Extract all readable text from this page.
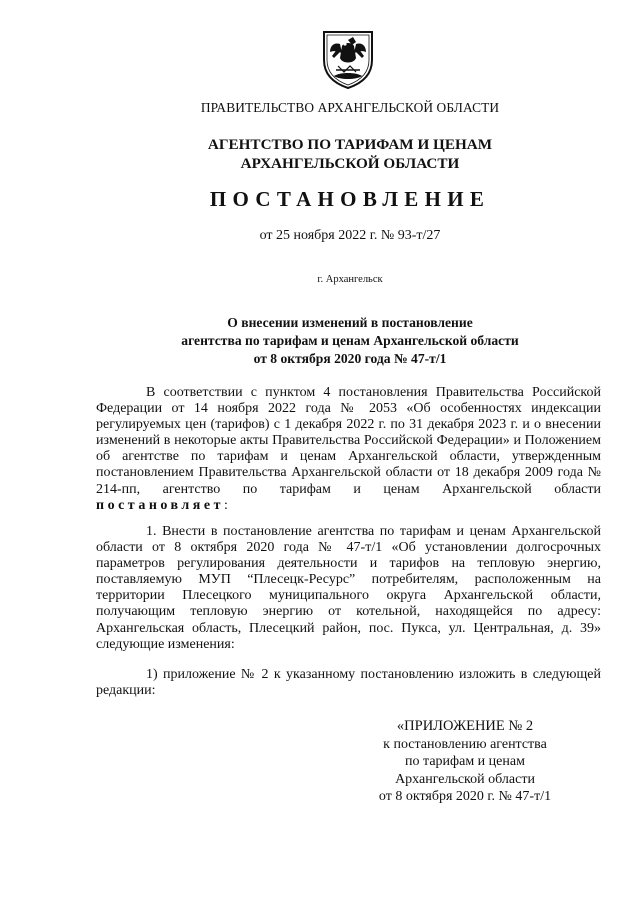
ПРАВИТЕЛЬСТВО АРХАНГЕЛЬСКОЙ ОБЛАСТИ
АГЕНТСТВО ПО ТАРИФАМ И ЦЕНАМ
АРХАНГЕЛЬСКОЙ ОБЛАСТИ
ПОСТАНОВЛЕНИЕ
от 25 ноября 2022 г. № 93-т/27
г. Архангельск
О внесении изменений в постановление
агентства по тарифам и ценам Архангельской области
от 8 октября 2020 года № 47-т/1
В соответствии с пунктом 4 постановления Правительства Российской Федерации от 14 ноября 2022 года № 2053 «Об особенностях индексации регулируемых цен (тарифов) с 1 декабря 2022 г. по 31 декабря 2023 г. и о внесении изменений в некоторые акты Правительства Российской Федерации» и Положением об агентстве по тарифам и ценам Архангельской области, утвержденным постановлением Правительства Архангельской области от 18 декабря 2009 года № 214-пп, агентство по тарифам и ценам Архангельской области постановляет:
1. Внести в постановление агентства по тарифам и ценам Архангельской области от 8 октября 2020 года № 47-т/1 «Об установлении долгосрочных параметров регулирования деятельности и тарифов на тепловую энергию, поставляемую МУП “Плесецк-Ресурс” потребителям, расположенным на территории Плесецкого муниципального округа Архангельской области, получающим тепловую энергию от котельной, находящейся по адресу: Архангельская область, Плесецкий район, пос. Пукса, ул. Центральная, д. 39» следующие изменения:
1) приложение № 2 к указанному постановлению изложить в следующей редакции:
«ПРИЛОЖЕНИЕ № 2
к постановлению агентства
по тарифам и ценам
Архангельской области
от 8 октября 2020 г. № 47-т/1
